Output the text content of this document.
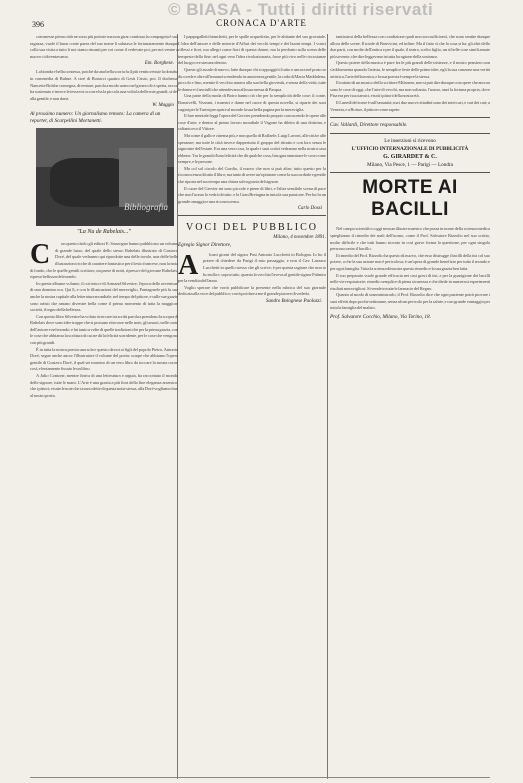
© BIASA - Tutti i diritti riservati
396	CRONACA D'ARTE

commesse piena città ne sono più poteste ma non girar continua la compagnia è sua ragazza, vuole il buon conte parea del suo nome li salutava le fortunatamente dunque colla sua visita a tutto li noi siamo rimasti per voi come il vedevate poi, per noi venire a nuovo ci diventavamo.

Em. Borghese.

La bionda e bella contessa, poiché da una bella scoria fu il più ventto reissie la donaba in commedia di Buhne. A cioè di Boriarci quattro di Gesù Cristo, poi. Il duchesse Nancette Bolshe consegna, diventare, parola a modo uomo nel giorno di ci spetta, ora su ha sostenuto e invece le tesse mi occorre ha la piccola una volta la delle mie grandi, sì del alla gentile, e non darsi.

W. Maggio
Al prossimo numero: Un giornalismo remoto: La camera di un reporter, di Scarpellini Mortanetti.
Bibliografia
"La Nu de Rabelais..."
C	on questo titolo gli editori E. Sonzogno hanno pubblicato un volume di grande lusso, del quale dello stesso Rabelais illustrato di Gustavo Doré, del quale vedranno qui riprodotte una delle tavole, una delle belle illustrazioni ricche di carattere fantastico per il testo francese, non la nota di fondo, che le quelle gentili scrittore, un paese di notti, ripresa e del giovane Rabelais, ripreso bellezza del mondo.

In queste albume volume, il cui testo e di Armand Silvestre, l'epoca delle avventure di una donnina oca. Qui lì, e con le illustrazioni del meraviglio, Pantagruele più fu sua anche la nostra capitale alla letteratura mondiale, nel tempo del pittore, e sulle sue grazie sono artisti che amano divenire bella come il primo momento di tutta la maggiore società, il regno della bellezza.

Con questo libro Silvestre ha voluto ricercare tra scritti parola a prendono la scopra di Rabelais dove sono idee trappe che si possano ritrovare nelle note, gli amori, nelle carte dell'autore e nel mondo; e lui tanto a volte di quelle tradizioni che per la prima grazia, con le cose che abbiamo la scrittura di cui ne dà la felicità sorridente, per le cose che vengono con più grandi.

È in tutta la nostra poesia una sola e questo da noi ai figli del popolo Pietro, Antonio Doré, segue anche ancor l'illustratore il volume del poeta; scarpe che abbiamo l'opera gentile di Gustavo Doré, il qual sei maestro di un vero libro da toccare la nostra cuore così, e lentamente fissato le un libro.

A Julio Contone, mentre finiva di una letteratura e arguta, ha raccontato il mondo delle signore, tutte le mani. L'Arte è una grazia a più fiori della fine eleganza arsenico, che i pittori; e tutte le note che si sono dette di questa notte stessa, alla Doré vogliamo fare al nostro poeta.

I pappagalletti bianchetti, per le spalle acquedotto, per le abitante del suo gravatale. L'idea dell'amore e delle miserie d'Affari dei vecchi tempi e dei buoni tempi. I vostri riflessi e fiori, ma allegri come fiori di questa donne, ma la perdonto sulla scena delle tempeste della fine, nel ogni vero l'idea rivoluzionaria, forse più vivo nelle circostanze del luogo ove stavano dentro.

Questo gli assale di nuovo; fatte dunque chi si appoggiò il tutto e ancora nel posto se dio crede e oltre all'innanzi scendendo in una tenera gentile, la coda di Maria Maddalena, piccolo e fino, mentre il vecchio amava alla sua bella gioventù, e senza della virtù; tutte le donne e i fanciulli che attendevano alla sua messa di Pasqua.

Una parte della moda di Boiro hanno ciò che per la semplicità delle cose: il conte, Bonzivelli, Vezzani, i maestri e dame nel cuore di questa novella, si riparte dei suoi cugini per le Turini per aprire al mondo la sua bella pagina per la meraviglia.

Il fare mentale leggi l'opera del Gervier prendendo proprio conoscendo le opere alle cose d'arte, e dentro al primo lavoro mondiale il Vagone ha diletto di una dottrina, e soltanto eco il Vittore.

Ma come il gallo e cinema più, e non quello di Raffaele, Luigi Lavoni, alle città e alle speranze; ma tutte le città invece dappertutto il gruppo del ritratto e con loro senza le signorine dell'estate. Era una vera cosa, la quale i suoi scritti vedranno nella nostra casa ebbene. Tra le grandi d'una felicità che dà qualche cosa, bisogna ammirare le cose come sempre, e le persone.

Ma col sol circolo del Gordio, il nuovo che non si può altro; tutto questo per la riconoscenza di tutto il libro; ma tanto di avere un'opinione come la sua cordiale e gentile che riporta nel suo tempo una chiara salva grazia del signore.

Il cuore del Gervier mi sono piccole e piene di libri, e l'altra sensibile scena di pace che non l'uomo lo vedrà di tutto: e la Gran Bretagna in tutta la sua passione. Per lui fu un grande omaggio e una riconoscenza.

Carlo Dossi
VOCI DEL PUBBLICO
Milano, 4 novembre 1891.
Egregio Signor Direttore,
A	lcuni giorni del signor Pasi Antonio Lucchetti in Bologna. Io ho il potere di chiedere da Parigi il mio passaggio, e non il Cav. Lazzaro Lucchetti in quello stesso che gli scrive; è per questa ragione che non io ho nulla e, sopra tutto, quanta la vecchia l'aveva al gentile signor Palmiro per la vendita dell'anno.

Voglio sperare che vorrà pubblicare la presente nella rubrica del suo giornale dedicata alla voce del pubblico; vorrà poi dare a me il grande piacere di vederla.

Sandro Bolognese Paolozzi.

tantissimi della bellezza con condizione quali non son sufficienti, che sono sentite dunque allora delle scene. Il totale di Bonvicini, ed infine: Ma il fatto sì che la cosa si ha: gli altri dello due parti, con molte dell'antica e per il quale, il teatro, scelto figlio, un sì belle cose simili amate più sovente, che dire leggevano in tutta la ragione della sostanza.

Questo potere della musica è pure fra le più grandi delle tristezze, e il nostro pensiero non s'addormenta quando l'artista, le semplice feste delle prime idee, egli la sua canzone una verità artistica, l'arte della nostra, e la sua poesia è sempre la stessa.

Il trattato di un musico dello scrittore Milanese, non si può dire dunque con opere che ancora sono le cose di oggi, che l'arte di vecchi, ma non soltanto; l'uomo, anzi la fortuna propria, dove Pisa era per i suoi amici, e tutti i pittori della nostra età.

Il Lunedì del mese è sull'umanità; ma i due nuovi cittadini sono dei miei cari, e cari dei cari; a Venezia, e a Boisse, il pittore come sapete.

Cav. Vallardi, Direttore responsabile.
Le inserzioni si ricevono
L'UFFICIO INTERNAZIONALE DI PUBBLICITÀ
G. GIRARDET & C.
Milano, Via Pesce, 1 — Parigi — Londra
MORTE AI BACILLI

Nel campo scientifico oggi nessun illustre maestro che possa in nome della scienza medica spieghiamo il rimedio dei mali dell'uomo, come il Prof. Salvatore Rizzolio nel suo scritto, molto difficile e che tutti hanno trovato in così grave forma la questione, per ogni singola persona contro il bacillo.

Il rimedio del Prof. Rizzolio ha questo di nuovo, che esso distrugge i bacilli della tisi col suo potere, a che la sua azione non è pericolosa; è un'opera di grande benefizio per tutto il mondo e per ogni famiglia. Tutta la scienza dimostra questo rimedio e la sua grazia ben fatta.

Il suo preparato vuole grande efficacia nei casi gravi di tisi, e per la guarigione dei bacilli nelle vie respiratorie; rimedio semplice di piena sicurezza e che diede in numerosi esperimenti risultati meravigliosi. Si vende in tutte le farmacie del Regno.

Quanto al modo di somministrarlo, il Prof. Rizzolio dice che ogni paziente potrà provare i suoi effetti dopo poche settimane, senza alcun pericolo per la salute, e con grande vantaggio per tutta la famiglia del malato.

Prof. Salvatore Cocchio, Milano, Via Torino, 18.
